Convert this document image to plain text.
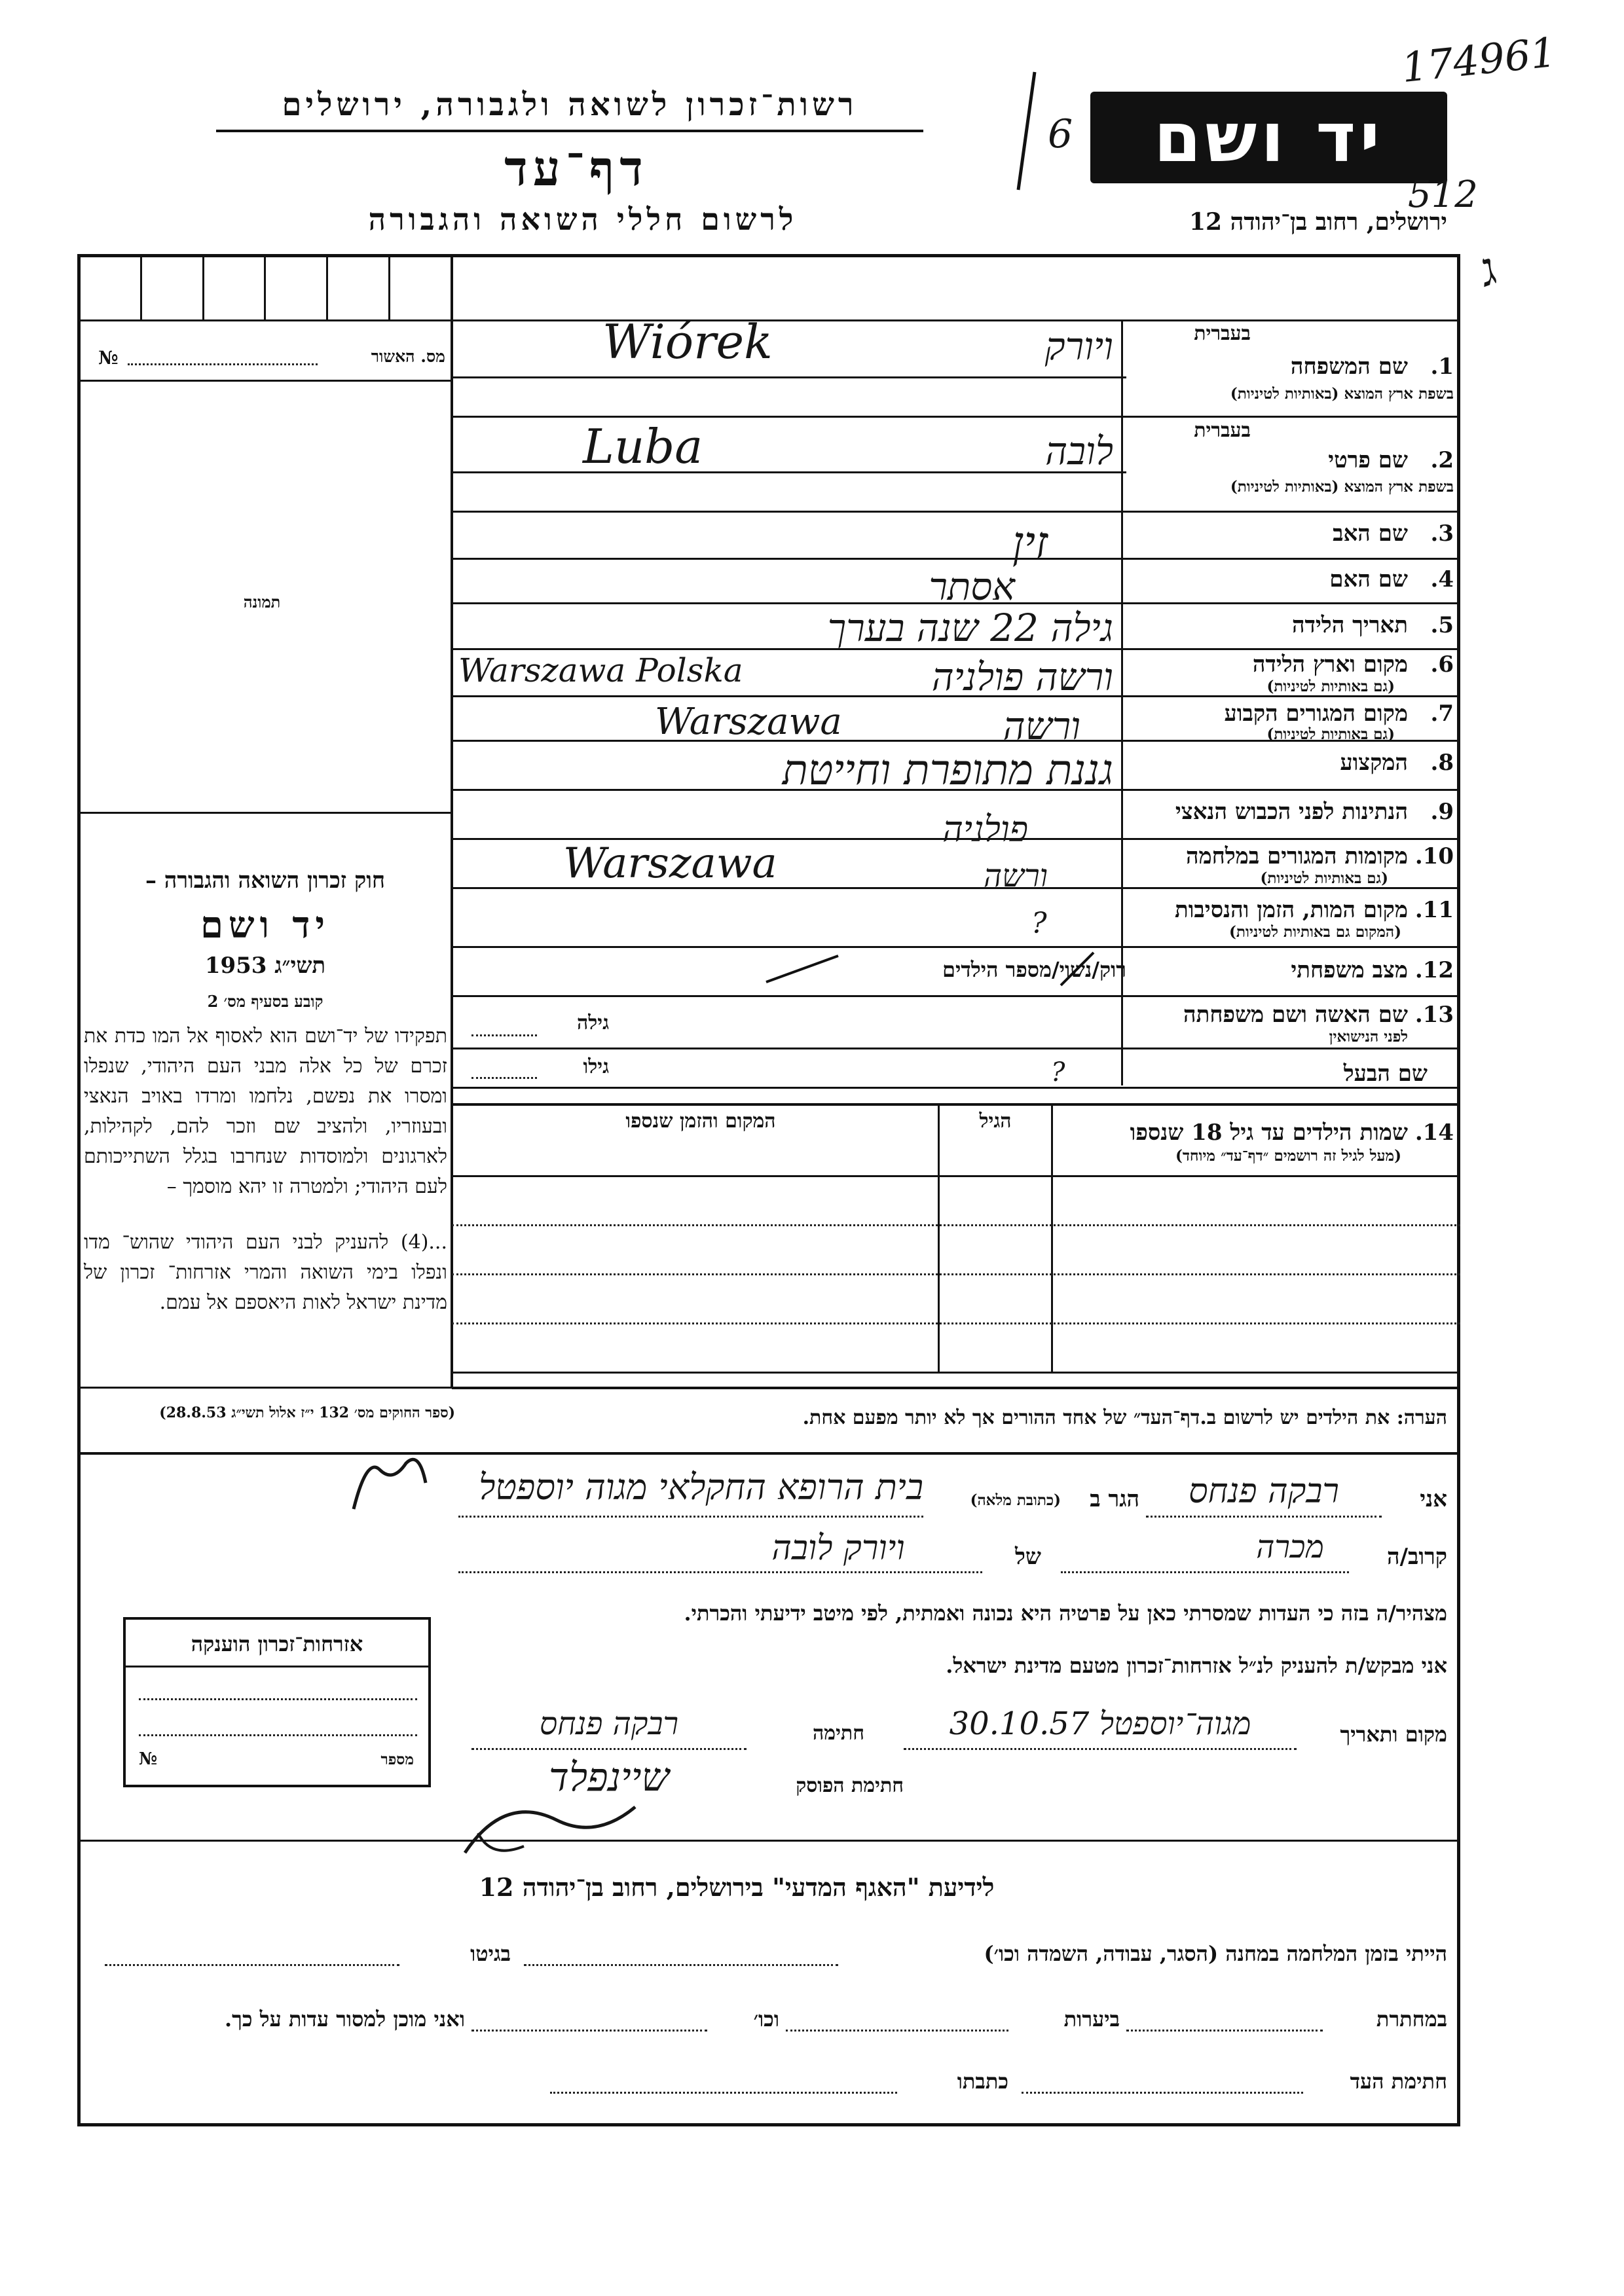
רשות־זכרון לשואה ולגבורה, ירושלים
דף־עד
לרשום חללי השואה והגבורה
יד ושם
ירושלים, רחוב בן־יהודה 12
6
174961
512
ג
מס. האשור
№
תמונה
חוק זכרון השואה והגבורה –
יד ושם
תשי״ג 1953
קובע בסעיף מס׳ 2
תפקידו של יד־ושם הוא לאסוף אל המו כדת את זכרם של כל אלה מבני העם היהודי, שנפלו ומסרו את נפשם, נלחמו ומרדו באויב הנאצי ובעוזריו, ולהציב שם וזכר להם, לקהילות, לארגונים ולמוסדות שנחרבו בגלל השתייכותם לעם היהודי; ולמטרה זו יהא מוסמך –
...(4) להעניק לבני העם היהודי שהוש־ מדו ונפלו בימי השואה והמרי אזרחות־ זכרון של מדינת ישראל לאות היאספם אל עמם.
(ספר החוקים מס׳ 132 י״ז אלול תשי״ג 28.8.53)
בעברית
1.
שם המשפחה
בשפת ארץ המוצא (באותיות לטיניות)
ויורק
Wiórek
בעברית
2.
שם פרטי
בשפת ארץ המוצא (באותיות לטיניות)
לובה
Luba
3.
שם האב
זין
4.
שם האם
אסתר
5.
תאריך הלידה
גילה 22 שנה בערך
6.
מקום וארץ הלידה
(גם באותיות לטיניות)
ורשה פולניה
Warszawa Polska
7.
מקום המגורים הקבוע
(גם באותיות לטיניות)
ורשה
Warszawa
8.
המקצוע
גננת מתופרת וחייטת
9.
הנתינות לפני הכבוש הנאצי
פולניה
10.
מקומות המגורים במלחמה
(גם באותיות לטיניות)
ורשה
Warszawa
11.
מקום המות, הזמן והנסיבות
(המקום גם באותיות לטיניות)
?
12.
מצב משפחתי
רוק/נשוי/מספר הילדים
13.
שם האשה ושם משפחתה
לפני הנישואין
גילה
שם הבעל
גילו	?
14.
שמות הילדים עד גיל 18 שנספו
(מעל לגיל זה רושמים ״דף־עד״ מיוחד)
הגיל
המקום והזמן שנספו
הערה: את הילדים יש לרשום ב.דף־העד״ של אחד ההורים אך לא יותר מפעם אחת.
אני
רבקה פנחס
הגר ב
(כתובת מלאה)
בית הרופא החקלאי מגוה יוספטל
קרוב/ה
מכרה
של
ויורק לובה
מצהיר/ה בזה כי העדות שמסרתי כאן על פרטיה היא נכונה ואמתית, לפי מיטב ידיעתי והכרתי.
אני מבקש/ת להעניק לנ״ל אזרחות־זכרון מטעם מדינת ישראל.
מקום ותאריך
מגוה־יוספטל 30.10.57
חתימה
רבקה פנחס
חתימת הפוסק
שיינפלד
אזרחות־זכרון הוענקה
מספר
№
לידיעת "האגף המדעי" בירושלים, רחוב בן־יהודה 12
הייתי בזמן המלחמה במחנה (הסגר, עבודה, השמדה וכו׳)
בגיטו
במחתרת
ביערות
וכו׳
ואני מוכן למסור עדות על כך.
חתימת העד
כתבתו
